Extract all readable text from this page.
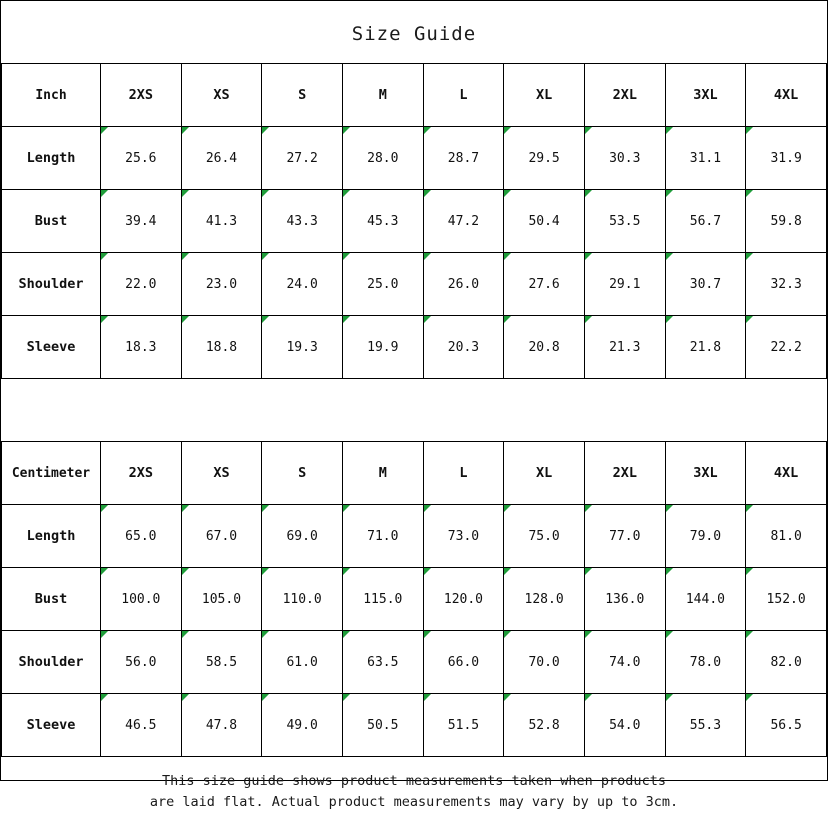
Size Guide
Inch	2XS	XS	S	M	L	XL	2XL	3XL	4XL
Length	25.6	26.4	27.2	28.0	28.7	29.5	30.3	31.1	31.9
Bust	39.4	41.3	43.3	45.3	47.2	50.4	53.5	56.7	59.8
Shoulder	22.0	23.0	24.0	25.0	26.0	27.6	29.1	30.7	32.3
Sleeve	18.3	18.8	19.3	19.9	20.3	20.8	21.3	21.8	22.2
Centimeter	2XS	XS	S	M	L	XL	2XL	3XL	4XL
Length	65.0	67.0	69.0	71.0	73.0	75.0	77.0	79.0	81.0
Bust	100.0	105.0	110.0	115.0	120.0	128.0	136.0	144.0	152.0
Shoulder	56.0	58.5	61.0	63.5	66.0	70.0	74.0	78.0	82.0
Sleeve	46.5	47.8	49.0	50.5	51.5	52.8	54.0	55.3	56.5
This size guide shows product measurements taken when products
are laid flat. Actual product measurements may vary by up to 3cm.
